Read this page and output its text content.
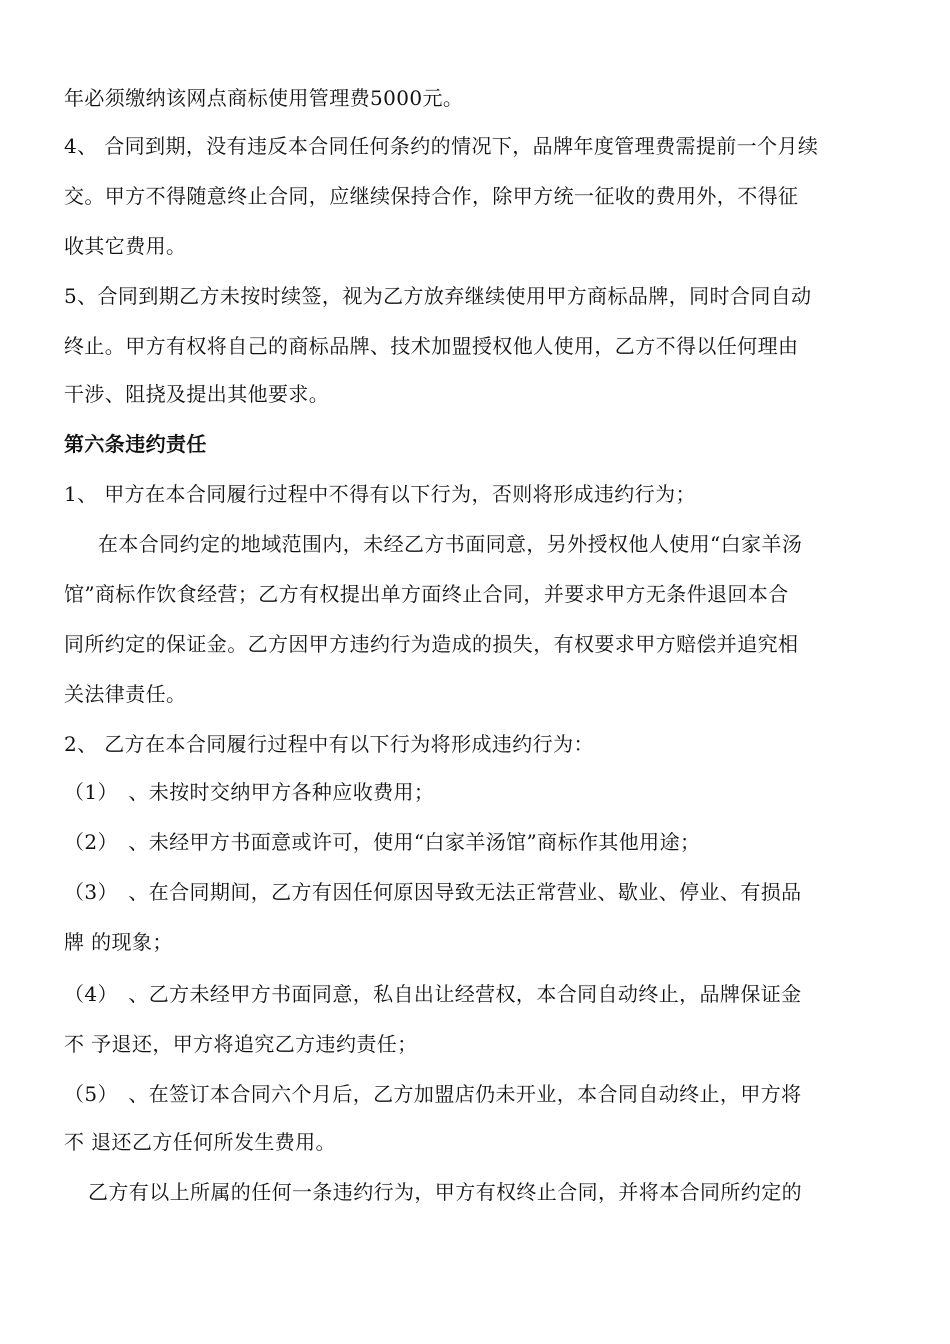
年必须缴纳该网点商标使用管理费5000元。
4、 合同到期，没有违反本合同任何条约的情况下，品牌年度管理费需提前一个月续
交。甲方不得随意终止合同，应继续保持合作，除甲方统一征收的费用外，不得征
收其它费用。
5、合同到期乙方未按时续签，视为乙方放弃继续使用甲方商标品牌，同时合同自动
终止。甲方有权将自己的商标品牌、技术加盟授权他人使用，乙方不得以任何理由
干涉、阻挠及提出其他要求。
第六条违约责任
1、 甲方在本合同履行过程中不得有以下行为，否则将形成违约行为；
在本合同约定的地域范围内，未经乙方书面同意，另外授权他人使用“白家羊汤
馆”商标作饮食经营；乙方有权提出单方面终止合同，并要求甲方无条件退回本合
同所约定的保证金。乙方因甲方违约行为造成的损失，有权要求甲方赔偿并追究相
关法律责任。
2、 乙方在本合同履行过程中有以下行为将形成违约行为：
（1）　、未按时交纳甲方各种应收费用；
（2）　、未经甲方书面意或许可，使用“白家羊汤馆”商标作其他用途；
（3）　、在合同期间，乙方有因任何原因导致无法正常营业、歇业、停业、有损品
牌 的现象；
（4）　、乙方未经甲方书面同意，私自出让经营权，本合同自动终止，品牌保证金
不 予退还，甲方将追究乙方违约责任；
（5）　、在签订本合同六个月后，乙方加盟店仍未开业，本合同自动终止，甲方将
不 退还乙方任何所发生费用。
乙方有以上所属的任何一条违约行为，甲方有权终止合同，并将本合同所约定的
